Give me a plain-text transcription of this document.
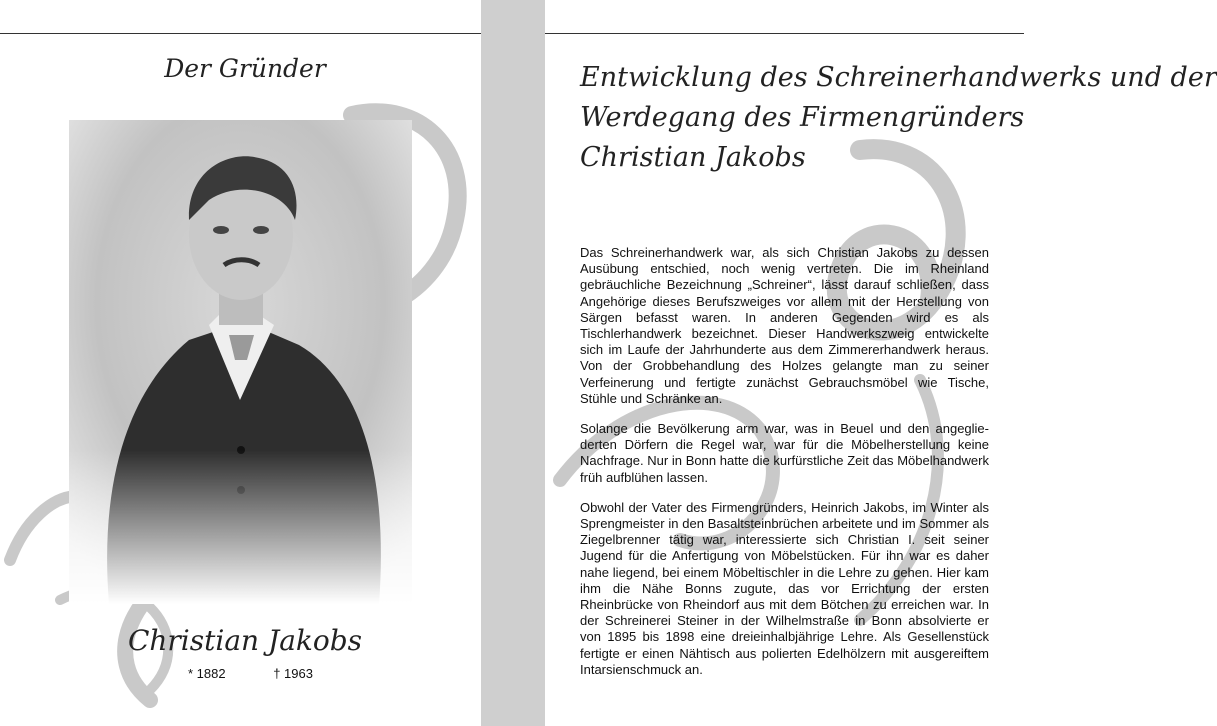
Der Gründer
Christian Jakobs
* 1882	† 1963
Entwicklung des Schreinerhandwerks und der
Werdegang des Firmengründers
Christian Jakobs

Das Schreinerhandwerk war, als sich Christian Jakobs zu dessen Ausübung entschied, noch wenig vertreten. Die im Rheinland gebräuchliche Bezeichnung „Schreiner“, lässt darauf schließen, dass Angehörige dieses Berufszweiges vor allem mit der Herstellung von Särgen befasst waren. In anderen Gegenden wird es als Tischlerhandwerk bezeichnet. Dieser Handwerkszweig entwickelte sich im Laufe der Jahrhunderte aus dem Zimmererhandwerk heraus. Von der Grobbehandlung des Holzes gelangte man zu seiner Verfeinerung und fertigte zunächst Gebrauchsmöbel wie Tische, Stühle und Schränke an.

Solange die Bevölkerung arm war, was in Beuel und den angeglie-derten Dörfern die Regel war, war für die Möbelherstellung keine Nachfrage. Nur in Bonn hatte die kurfürstliche Zeit das Möbelhandwerk früh aufblühen lassen.

Obwohl der Vater des Firmengründers, Heinrich Jakobs, im Winter als Sprengmeister in den Basaltsteinbrüchen arbeitete und im Sommer als Ziegelbrenner tätig war, interessierte sich Christian I. seit seiner Jugend für die Anfertigung von Möbelstücken. Für ihn war es daher nahe liegend, bei einem Möbeltischler in die Lehre zu gehen. Hier kam ihm die Nähe Bonns zugute, das vor Errichtung der ersten Rheinbrücke von Rheindorf aus mit dem Bötchen zu erreichen war. In der Schreinerei Steiner in der Wilhelmstraße in Bonn absolvierte er von 1895 bis 1898 eine dreieinhalbjährige Lehre. Als Gesellenstück fertigte er einen Nähtisch aus polierten Edelhölzern mit ausgereiftem Intarsienschmuck an.
